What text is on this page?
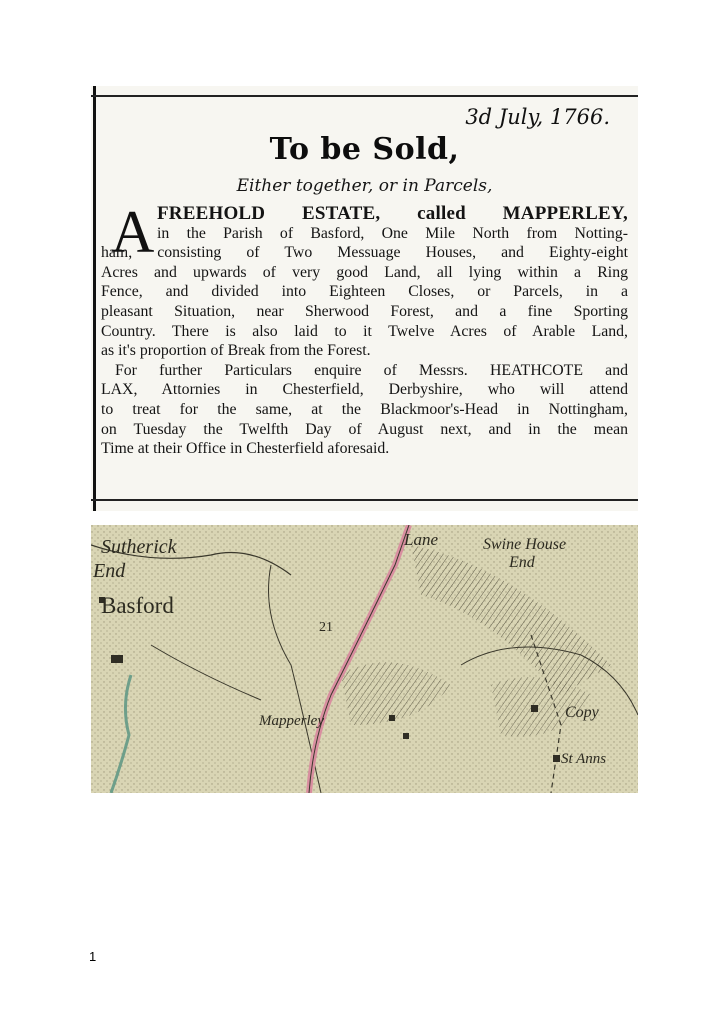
3d July, 1766.
To be Sold,
Either together, or in Parcels,
A FREEHOLD ESTATE, called MAPPERLEY,
in the Parish of Basford, One Mile North from Notting-
ham, consisting of Two Messuage Houses, and Eighty-eight
Acres and upwards of very good Land, all lying within a Ring
Fence, and divided into Eighteen Closes, or Parcels, in a
pleasant Situation, near Sherwood Forest, and a fine Sporting
Country. There is also laid to it Twelve Acres of Arable Land,
as it's proportion of Break from the Forest.
For further Particulars enquire of Messrs. HEATHCOTE and
LAX, Attornies in Chesterfield, Derbyshire, who will attend
to treat for the same, at the Blackmoor's-Head in Nottingham,
on Tuesday the Twelfth Day of August next, and in the mean
Time at their Office in Chesterfield aforesaid.
Sutherick
End
Basford
Lane	Swine House
End
21
Mapperley	Copy
St Anns
1
